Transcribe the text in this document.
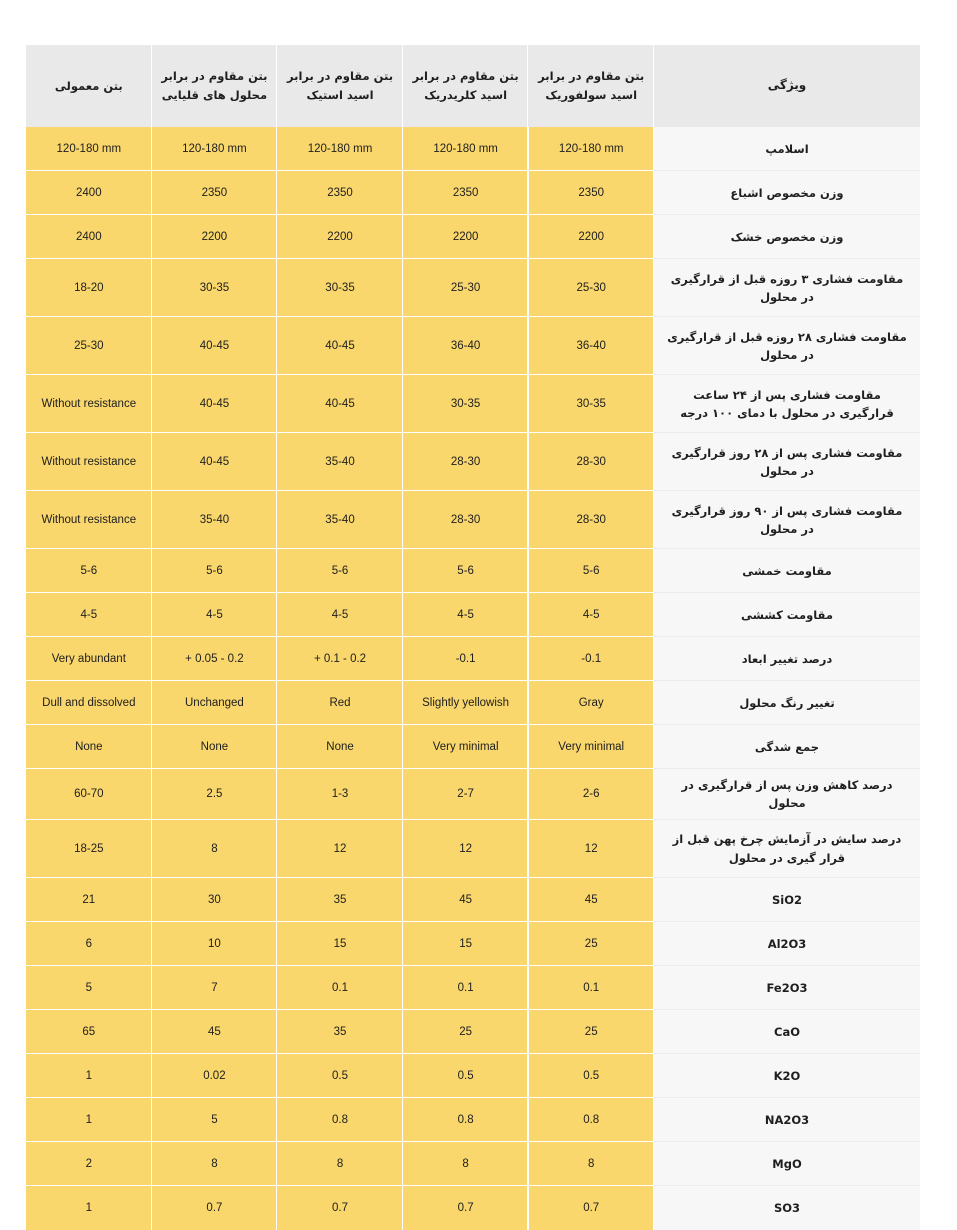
ویژگی	بتن مقاوم در برابر اسید سولفوریک	بتن مقاوم در برابر اسید کلریدریک	بتن مقاوم در برابر اسید استیک	بتن مقاوم در برابر محلول های قلیایی	بتن معمولی
اسلامپ	120-180 mm	120-180 mm	120-180 mm	120-180 mm	120-180 mm
وزن مخصوص اشباع	2350	2350	2350	2350	2400
وزن مخصوص خشک	2200	2200	2200	2200	2400
مقاومت فشاری ۳ روزه قبل از قرارگیری در محلول	25-30	25-30	30-35	30-35	18-20
مقاومت فشاری ۲۸ روزه قبل از قرارگیری در محلول	36-40	36-40	40-45	40-45	25-30
مقاومت فشاری پس از ۲۴ ساعت قرارگیری در محلول با دمای ۱۰۰ درجه	30-35	30-35	40-45	40-45	Without resistance
مقاومت فشاری پس از ۲۸ روز قرارگیری در محلول	28-30	28-30	35-40	40-45	Without resistance
مقاومت فشاری پس از ۹۰ روز قرارگیری در محلول	28-30	28-30	35-40	35-40	Without resistance
مقاومت خمشی	5-6	5-6	5-6	5-6	5-6
مقاومت کششی	4-5	4-5	4-5	4-5	4-5
درصد تغییر ابعاد	-0.1	-0.1	+ 0.1 - 0.2	+ 0.05 - 0.2	Very abundant
تغییر رنگ محلول	Gray	Slightly yellowish	Red	Unchanged	Dull and dissolved
جمع شدگی	Very minimal	Very minimal	None	None	None
درصد کاهش وزن پس از قرارگیری در محلول	2-6	2-7	1-3	2.5	60-70
درصد سایش در آزمایش چرخ پهن قبل از قرار گیری در محلول	12	12	12	8	18-25
SiO2	45	45	35	30	21
Al2O3	25	15	15	10	6
Fe2O3	0.1	0.1	0.1	7	5
CaO	25	25	35	45	65
K2O	0.5	0.5	0.5	0.02	1
NA2O3	0.8	0.8	0.8	5	1
MgO	8	8	8	8	2
SO3	0.7	0.7	0.7	0.7	1
